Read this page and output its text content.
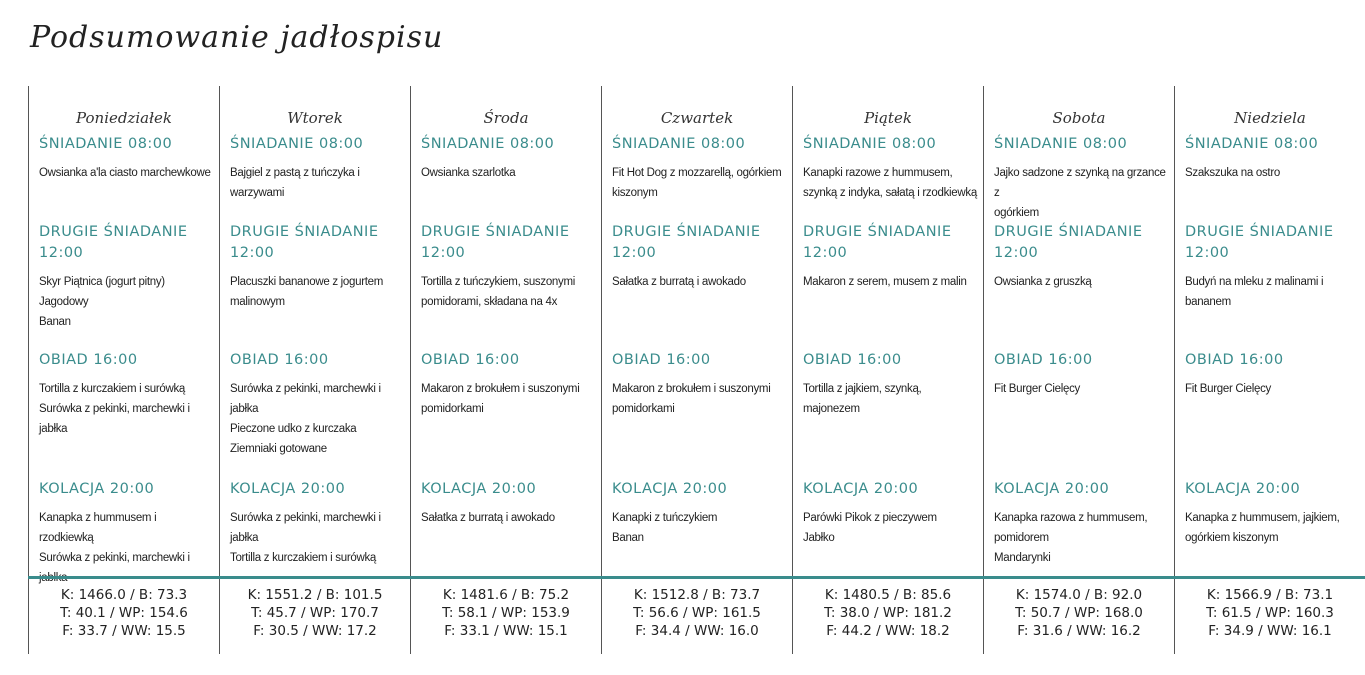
Podsumowanie jadłospisu
Poniedziałek
ŚNIADANIE 08:00
Owsianka a'la ciasto marchewkowe
DRUGIE ŚNIADANIE 12:00
Skyr Piątnica (jogurt pitny)
Jagodowy
Banan
OBIAD 16:00
Tortilla z kurczakiem i surówką
Surówka z pekinki, marchewki i
jabłka
KOLACJA 20:00
Kanapka z hummusem i rzodkiewką
Surówka z pekinki, marchewki i

K: 1466.0 / B: 73.3
T: 40.1 / WP: 154.6
F: 33.7 / WW: 15.5
Wtorek
ŚNIADANIE 08:00
Bajgiel z pastą z tuńczyka i
warzywami
DRUGIE ŚNIADANIE 12:00
Placuszki bananowe z jogurtem
malinowym
OBIAD 16:00
Surówka z pekinki, marchewki i
jabłka
Pieczone udko z kurczaka
Ziemniaki gotowane
KOLACJA 20:00
Surówka z pekinki, marchewki i
jabłka
Tortilla z kurczakiem i surówką
K: 1551.2 / B: 101.5
T: 45.7 / WP: 170.7
F: 30.5 / WW: 17.2
Środa
ŚNIADANIE 08:00
Owsianka szarlotka
DRUGIE ŚNIADANIE 12:00
Tortilla z tuńczykiem, suszonymi
pomidorami, składana na 4x
OBIAD 16:00
Makaron z brokułem i suszonymi
pomidorkami
KOLACJA 20:00
Sałatka z burratą i awokado
K: 1481.6 / B: 75.2
T: 58.1 / WP: 153.9
F: 33.1 / WW: 15.1
Czwartek
ŚNIADANIE 08:00
Fit Hot Dog z mozzarellą, ogórkiem
kiszonym
DRUGIE ŚNIADANIE 12:00
Sałatka z burratą i awokado
OBIAD 16:00
Makaron z brokułem i suszonymi
pomidorkami
KOLACJA 20:00
Kanapki z tuńczykiem
Banan
K: 1512.8 / B: 73.7
T: 56.6 / WP: 161.5
F: 34.4 / WW: 16.0
Piątek
ŚNIADANIE 08:00
Kanapki razowe z hummusem,
szynką z indyka, sałatą i rzodkiewką
DRUGIE ŚNIADANIE 12:00
Makaron z serem, musem z malin
OBIAD 16:00
Tortilla z jajkiem, szynką,
majonezem
KOLACJA 20:00
Parówki Pikok z pieczywem
Jabłko
K: 1480.5 / B: 85.6
T: 38.0 / WP: 181.2
F: 44.2 / WW: 18.2
Sobota
ŚNIADANIE 08:00
Jajko sadzone z szynką na grzance z
ogórkiem
DRUGIE ŚNIADANIE 12:00
Owsianka z gruszką
OBIAD 16:00
Fit Burger Cielęcy
KOLACJA 20:00
Kanapka razowa z hummusem,
pomidorem
Mandarynki
K: 1574.0 / B: 92.0
T: 50.7 / WP: 168.0
F: 31.6 / WW: 16.2
Niedziela
ŚNIADANIE 08:00
Szakszuka na ostro
DRUGIE ŚNIADANIE 12:00
Budyń na mleku z malinami i
bananem
OBIAD 16:00
Fit Burger Cielęcy
KOLACJA 20:00
Kanapka z hummusem, jajkiem,
ogórkiem kiszonym
K: 1566.9 / B: 73.1
T: 61.5 / WP: 160.3
F: 34.9 / WW: 16.1
